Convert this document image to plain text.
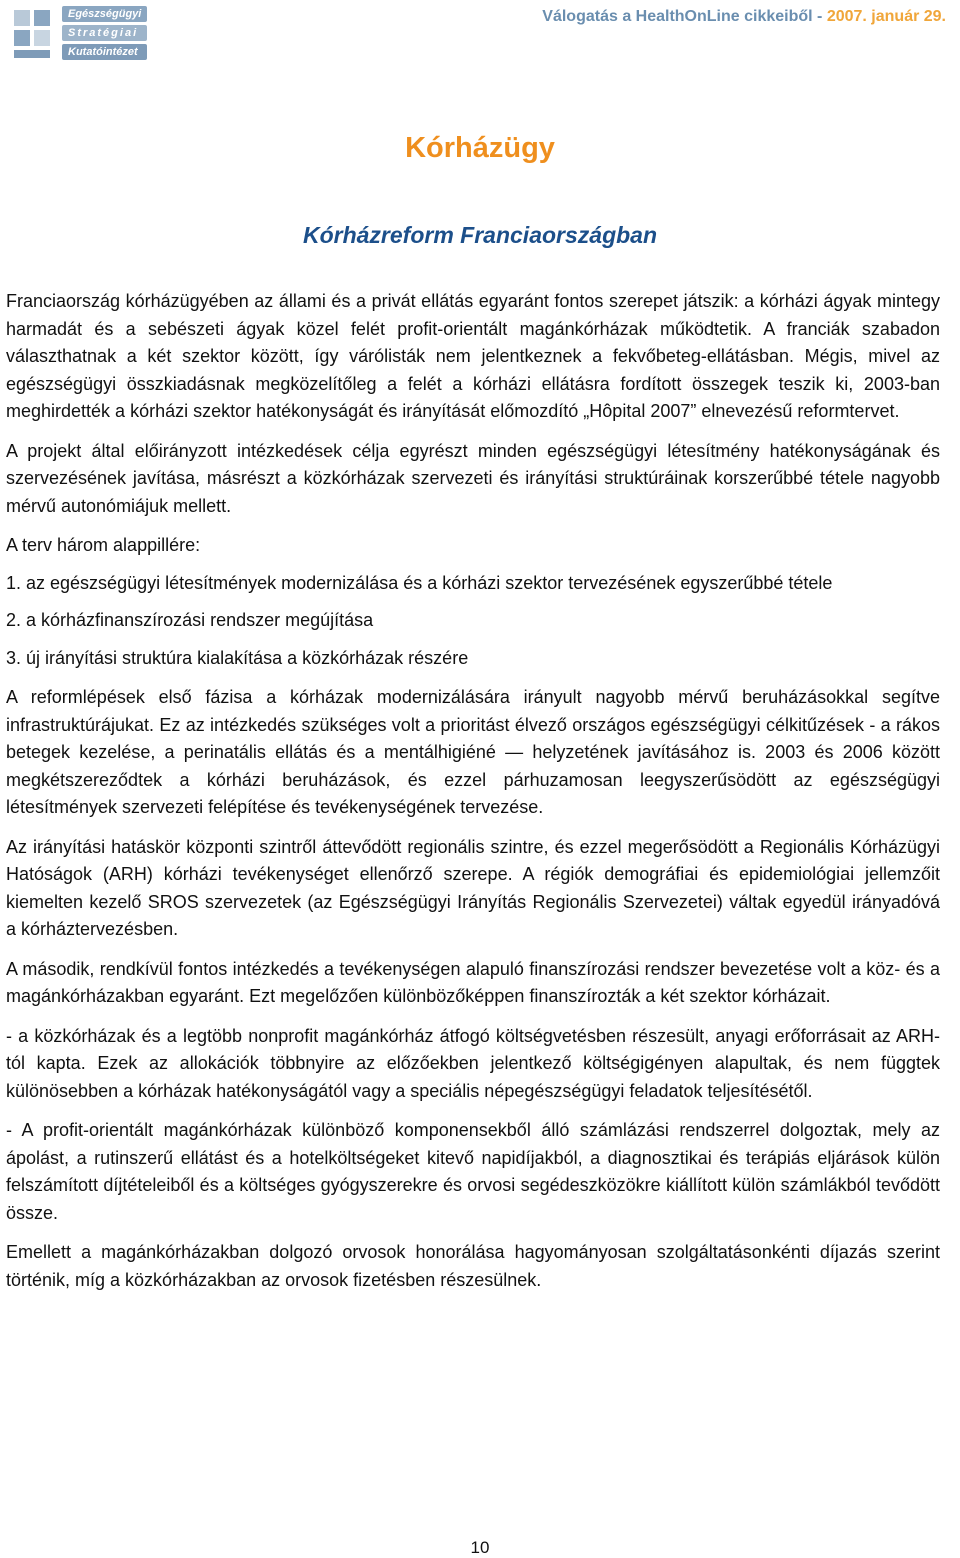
Egészségügyi
Stratégiai
Kutatóintézet
Válogatás a HealthOnLine cikkeiből - 2007. január 29.
Kórházügy
Kórházreform Franciaországban

Franciaország kórházügyében az állami és a privát ellátás egyaránt fontos szerepet játszik: a kórházi ágyak mintegy harmadát és a sebészeti ágyak közel felét profit-orientált magánkórházak működtetik. A franciák szabadon választhatnak a két szektor között, így várólisták nem jelentkeznek a fekvőbeteg-ellátásban. Mégis, mivel az egészségügyi összkiadásnak megközelítőleg a felét a kórházi ellátásra fordított összegek teszik ki, 2003-ban meghirdették a kórházi szektor hatékonyságát és irányítását előmozdító „Hôpital 2007” elnevezésű reformtervet.

A projekt által előirányzott intézkedések célja egyrészt minden egészségügyi létesítmény hatékonyságának és szervezésének javítása, másrészt a közkórházak szervezeti és irányítási struktúráinak korszerűbbé tétele nagyobb mérvű autonómiájuk mellett.

A terv három alappillére:

1. az egészségügyi létesítmények modernizálása és a kórházi szektor tervezésének egyszerűbbé tétele

2. a kórházfinanszírozási rendszer megújítása

3. új irányítási struktúra kialakítása a közkórházak részére

A reformlépések első fázisa a kórházak modernizálására irányult nagyobb mérvű beruházásokkal segítve infrastruktúrájukat. Ez az intézkedés szükséges volt a prioritást élvező országos egészségügyi célkitűzések - a rákos betegek kezelése, a perinatális ellátás és a mentálhigiéné — helyzetének javításához is. 2003 és 2006 között megkétszereződtek a kórházi beruházások, és ezzel párhuzamosan leegyszerűsödött az egészségügyi létesítmények szervezeti felépítése és tevékenységének tervezése.

Az irányítási hatáskör központi szintről áttevődött regionális szintre, és ezzel megerősödött a Regionális Kórházügyi Hatóságok (ARH) kórházi tevékenységet ellenőrző szerepe. A régiók demográfiai és epidemiológiai jellemzőit kiemelten kezelő SROS szervezetek (az Egészségügyi Irányítás Regionális Szervezetei) váltak egyedül irányadóvá a kórháztervezésben.

A második, rendkívül fontos intézkedés a tevékenységen alapuló finanszírozási rendszer bevezetése volt a köz- és a magánkórházakban egyaránt. Ezt megelőzően különbözőképpen finanszírozták a két szektor kórházait.

- a közkórházak és a legtöbb nonprofit magánkórház átfogó költségvetésben részesült, anyagi erőforrásait az ARH-tól kapta. Ezek az allokációk többnyire az előzőekben jelentkező költségigényen alapultak, és nem függtek különösebben a kórházak hatékonyságától vagy a speciális népegészségügyi feladatok teljesítésétől.

- A profit-orientált magánkórházak különböző komponensekből álló számlázási rendszerrel dolgoztak, mely az ápolást, a rutinszerű ellátást és a hotelköltségeket kitevő napidíjakból, a diagnosztikai és terápiás eljárások külön felszámított díjtételeiből és a költséges gyógyszerekre és orvosi segédeszközökre kiállított külön számlákból tevődött össze.

Emellett a magánkórházakban dolgozó orvosok honorálása hagyományosan szolgáltatásonkénti díjazás szerint történik, míg a közkórházakban az orvosok fizetésben részesülnek.

10
